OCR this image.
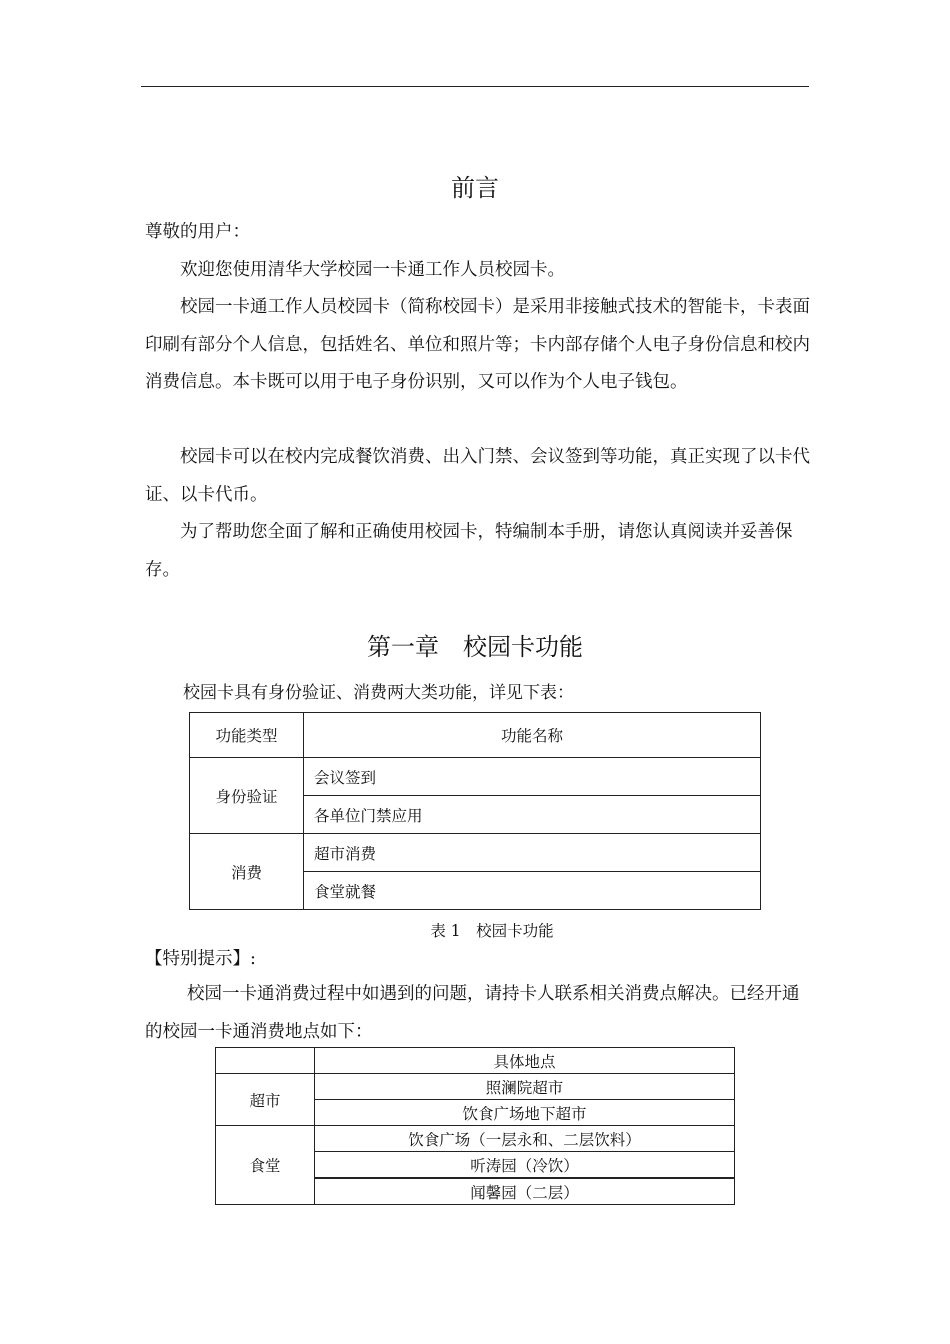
前言

尊敬的用户：

欢迎您使用清华大学校园一卡通工作人员校园卡。

校园一卡通工作人员校园卡（简称校园卡）是采用非接触式技术的智能卡，卡表面印刷有部分个人信息，包括姓名、单位和照片等；卡内部存储个人电子身份信息和校内消费信息。本卡既可以用于电子身份识别，又可以作为个人电子钱包。

校园卡可以在校内完成餐饮消费、出入门禁、会议签到等功能，真正实现了以卡代证、以卡代币。

为了帮助您全面了解和正确使用校园卡，特编制本手册，请您认真阅读并妥善保存。

第一章　校园卡功能

校园卡具有身份验证、消费两大类功能，详见下表：

功能类型	功能名称
身份验证	会议签到
	各单位门禁应用
消费	超市消费
	食堂就餐
表 1　校园卡功能

【特别提示】:

校园一卡通消费过程中如遇到的问题，请持卡人联系相关消费点解决。已经开通的校园一卡通消费地点如下：

	具体地点
超市	照澜院超市
	饮食广场地下超市
食堂	饮食广场（一层永和、二层饮料）
	听涛园（冷饮）
	闻馨园（二层）
